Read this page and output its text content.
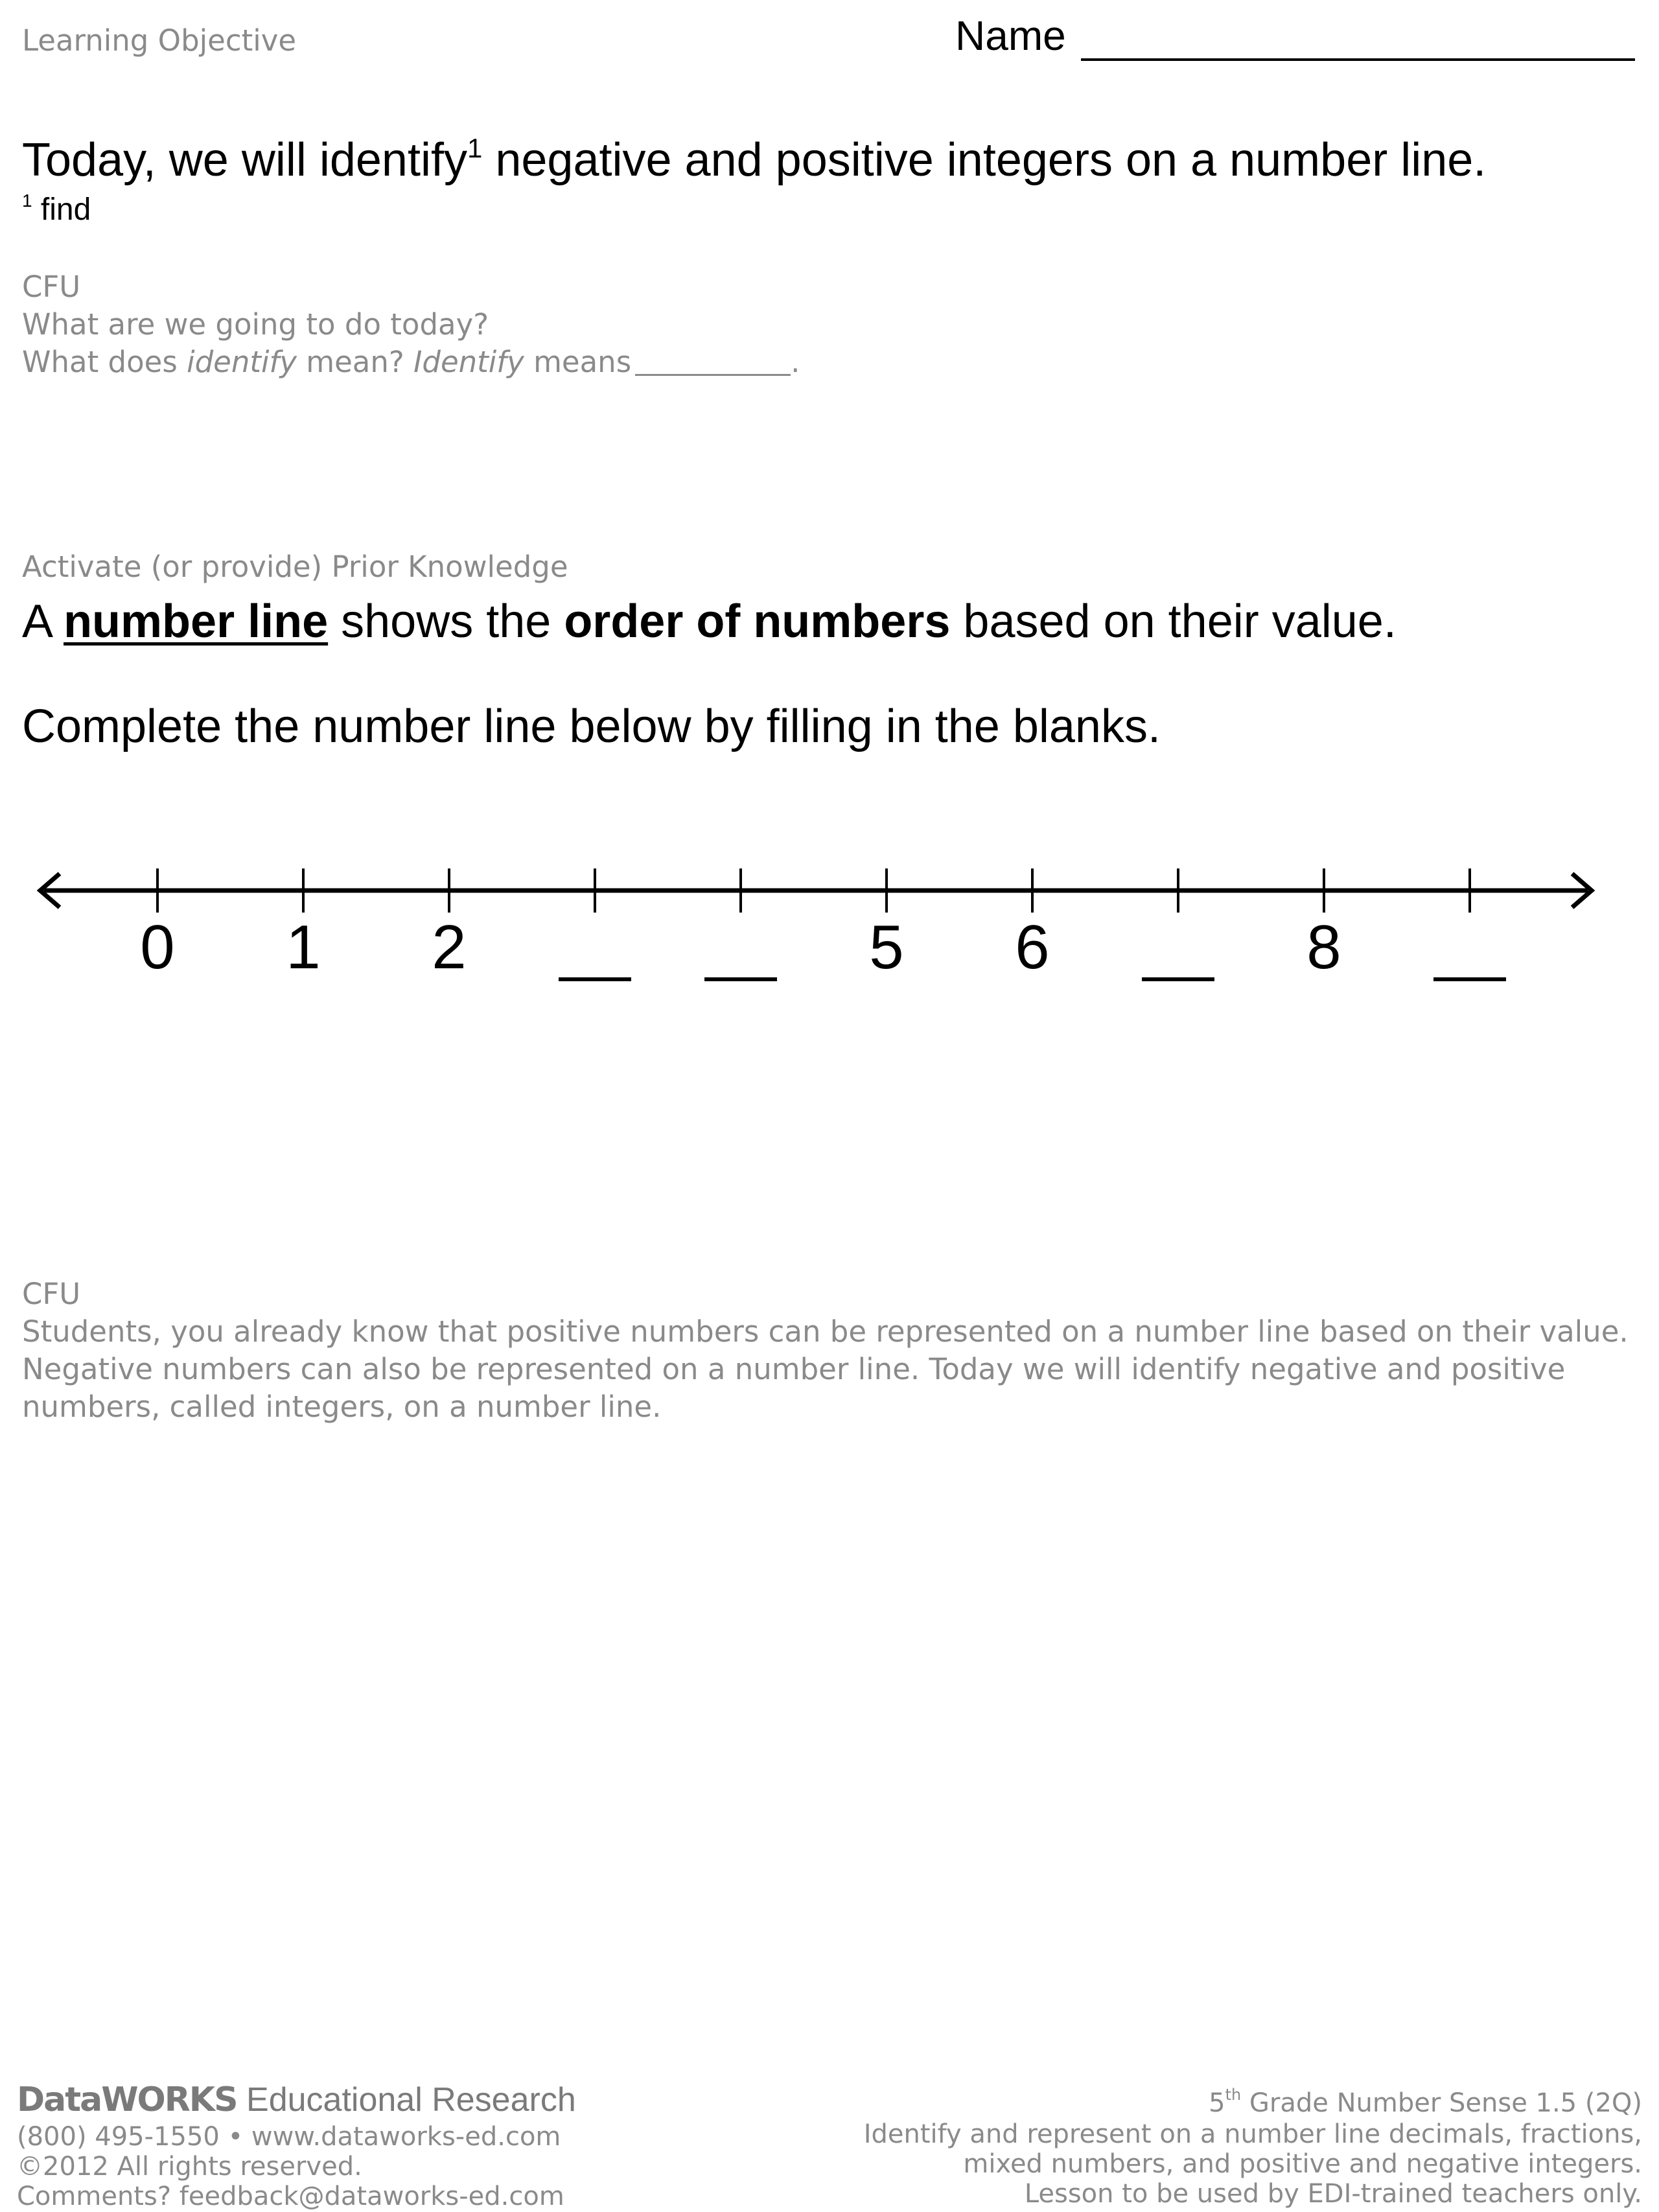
Learning Objective	Name
Today, we will identify$^1$ negative and positive integers on a number line.
$^1$ find
CFU
What are we going to do today?
What does identify mean? Identify means	.
Activate (or provide) Prior Knowledge
A number line shows the order of numbers based on their value.
Complete the number line below by filling in the blanks.
0 1 2	5 6	8
CFU
Students, you already know that positive numbers can be represented on a number line based on their value. Negative numbers can also be represented on a number line. Today we will identify negative and positive numbers, called integers, on a number line.
DataWORKS Educational Research
(800) 495-1550 • www.dataworks-ed.com
©2012 All rights reserved.
Comments? feedback@dataworks-ed.com
5th Grade Number Sense 1.5 (2Q)
Identify and represent on a number line decimals, fractions,
mixed numbers, and positive and negative integers.
Lesson to be used by EDI-trained teachers only.
